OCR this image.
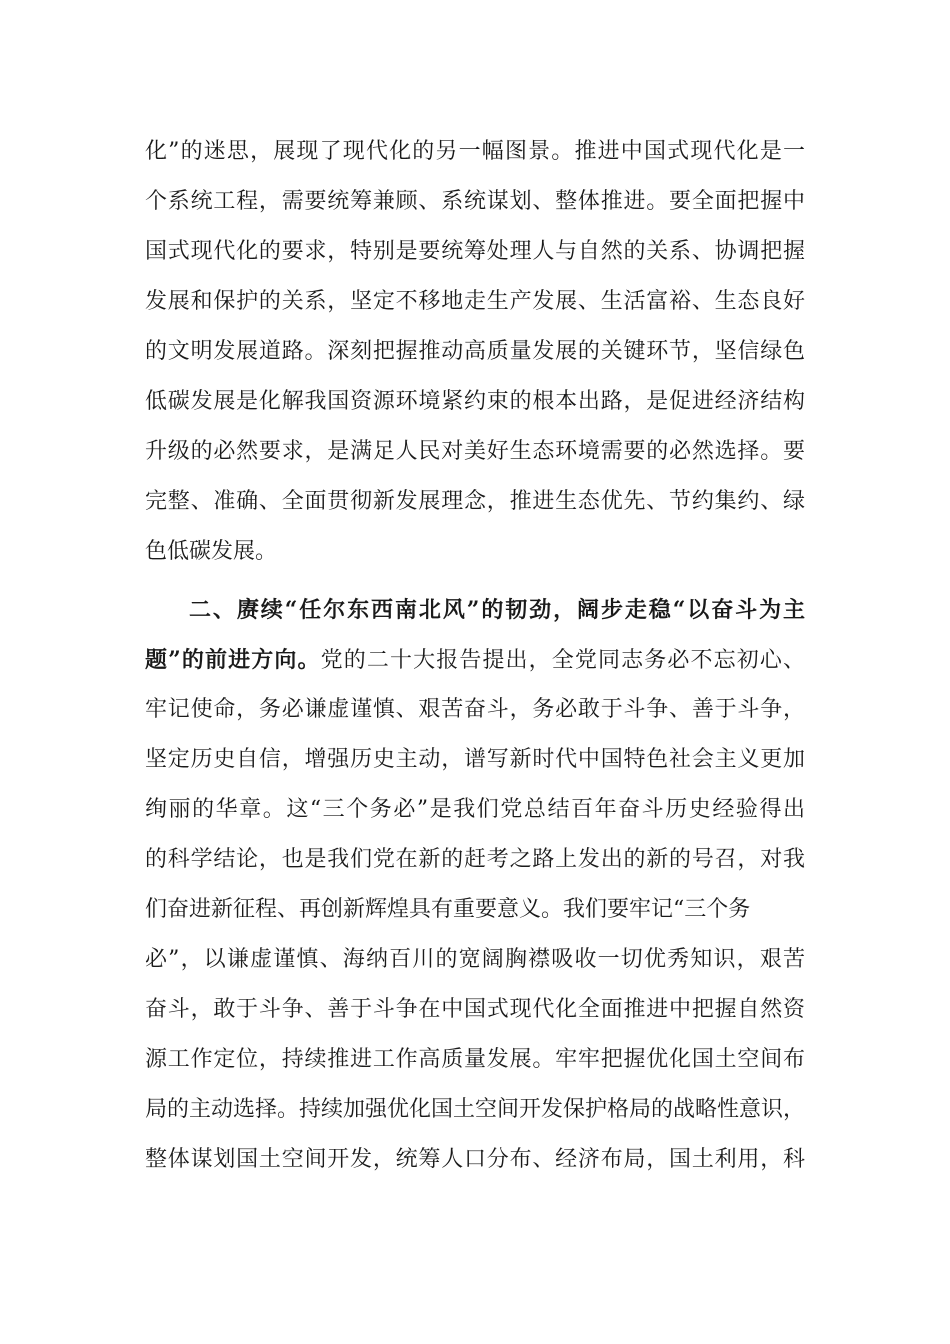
化”的迷思，展现了现代化的另一幅图景。推进中国式现代化是一
个系统工程，需要统筹兼顾、系统谋划、整体推进。要全面把握中
国式现代化的要求，特别是要统筹处理人与自然的关系、协调把握
发展和保护的关系，坚定不移地走生产发展、生活富裕、生态良好
的文明发展道路。深刻把握推动高质量发展的关键环节，坚信绿色
低碳发展是化解我国资源环境紧约束的根本出路，是促进经济结构
升级的必然要求，是满足人民对美好生态环境需要的必然选择。要
完整、准确、全面贯彻新发展理念，推进生态优先、节约集约、绿
色低碳发展。
二、赓续“任尔东西南北风”的韧劲，阔步走稳“以奋斗为主
题”的前进方向。党的二十大报告提出，全党同志务必不忘初心、
牢记使命，务必谦虚谨慎、艰苦奋斗，务必敢于斗争、善于斗争，
坚定历史自信，增强历史主动，谱写新时代中国特色社会主义更加
绚丽的华章。这“三个务必”是我们党总结百年奋斗历史经验得出
的科学结论，也是我们党在新的赶考之路上发出的新的号召，对我
们奋进新征程、再创新辉煌具有重要意义。我们要牢记“三个务
必”，以谦虚谨慎、海纳百川的宽阔胸襟吸收一切优秀知识，艰苦
奋斗，敢于斗争、善于斗争在中国式现代化全面推进中把握自然资
源工作定位，持续推进工作高质量发展。牢牢把握优化国土空间布
局的主动选择。持续加强优化国土空间开发保护格局的战略性意识，
整体谋划国土空间开发，统筹人口分布、经济布局，国土利用，科
